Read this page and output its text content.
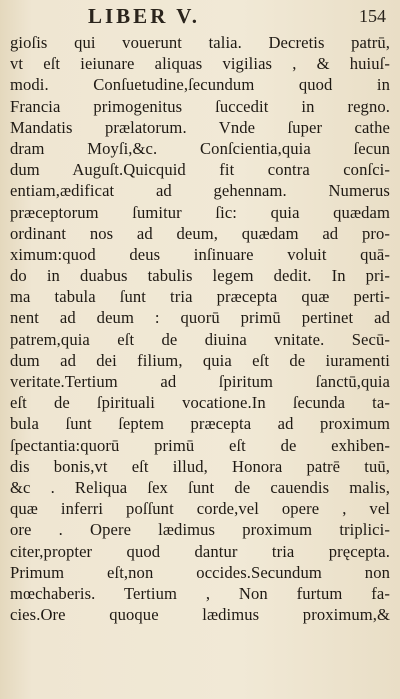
LIBER V.	154
gioſis qui vouerunt talia. Decretis patrū,
vt eſt ieiunare aliquas vigilias , & huiuſ-
modi. Conſuetudine,ſecundum quod in
Francia primogenitus ſuccedit in regno.
Mandatis prælatorum. Vnde ſuper cathe
dram Moyſi,&c. Conſcientia,quia ſecun
dum Auguſt.Quicquid fit contra conſci-
entiam,ædificat ad gehennam. Numerus
præceptorum ſumitur ſic: quia quædam
ordinant nos ad deum, quædam ad pro-
ximum:quod deus inſinuare voluit quā-
do in duabus tabulis legem dedit. In pri-
ma tabula ſunt tria præcepta quæ perti-
nent ad deum : quorū primū pertinet ad
patrem,quia eſt de diuina vnitate. Secū-
dum ad dei filium, quia eſt de iuramenti
veritate.Tertium ad ſpiritum ſanctū,quia
eſt de ſpirituali vocatione.In ſecunda ta-
bula ſunt ſeptem præcepta ad proximum
ſpectantia:quorū primū eſt de exhiben-
dis bonis,vt eſt illud, Honora patrē tuū,
&c . Reliqua ſex ſunt de cauendis malis,
quæ inferri poſſunt corde,vel opere , vel
ore . Opere lædimus proximum triplici-
citer,propter quod dantur tria pręcepta.
Primum eſt,non occides.Secundum non
mœchaberis. Tertium , Non furtum fa-
cies.Ore quoque lædimus proximum,&
